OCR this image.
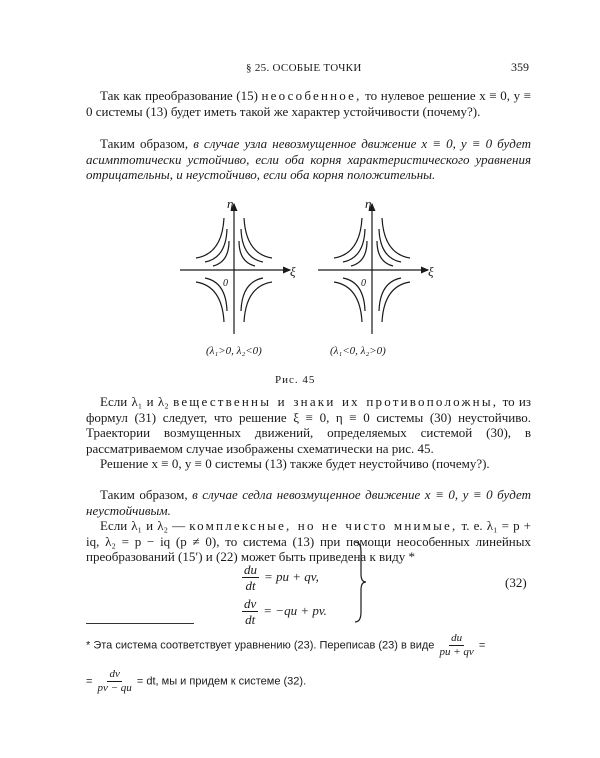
§ 25. ОСОБЫЕ ТОЧКИ	359

Так как преобразование (15) неособенное, то нулевое решение x ≡ 0, y ≡ 0 системы (13) будет иметь такой же характер устойчивости (почему?).

Таким образом, в случае узла невозмущенное движение x ≡ 0, y ≡ 0 будет асимптотически устойчиво, если оба корня характеристического уравнения отрицательны, и неустойчиво, если оба корня положительны.

η
ξ
0
η
ξ
0
(λ₁>0, λ₂<0)	(λ₁<0, λ₂>0)
Рис. 45

Если λ₁ и λ₂ вещественны и знаки их противоположны, то из формул (31) следует, что решение ξ ≡ 0, η ≡ 0 системы (30) неустойчиво. Траектории возмущенных движений, определяемых системой (30), в рассматриваемом случае изображены схематически на рис. 45.

Решение x ≡ 0, y ≡ 0 системы (13) также будет неустойчиво (почему?).

Таким образом, в случае седла невозмущенное движение x ≡ 0, y ≡ 0 будет неустойчивым.

Если λ₁ и λ₂ — комплексные, но не чисто мнимые, т. е. λ₁ = p + iq, λ₂ = p − iq (p ≠ 0), то система (13) при помощи неособенных линейных преобразований (15′) и (22) может быть приведена к виду *

$\frac{du}{dt}$ = pu + qv,
$\frac{dv}{dt} = -qu$ + pv.
(32)
* Эта система соответствует уравнению (23). Переписав (23) в виде $\frac{du}{pu + qv}$ =
= $\frac{dv}{pv - qu}$ = dt, мы и придем к системе (32).
